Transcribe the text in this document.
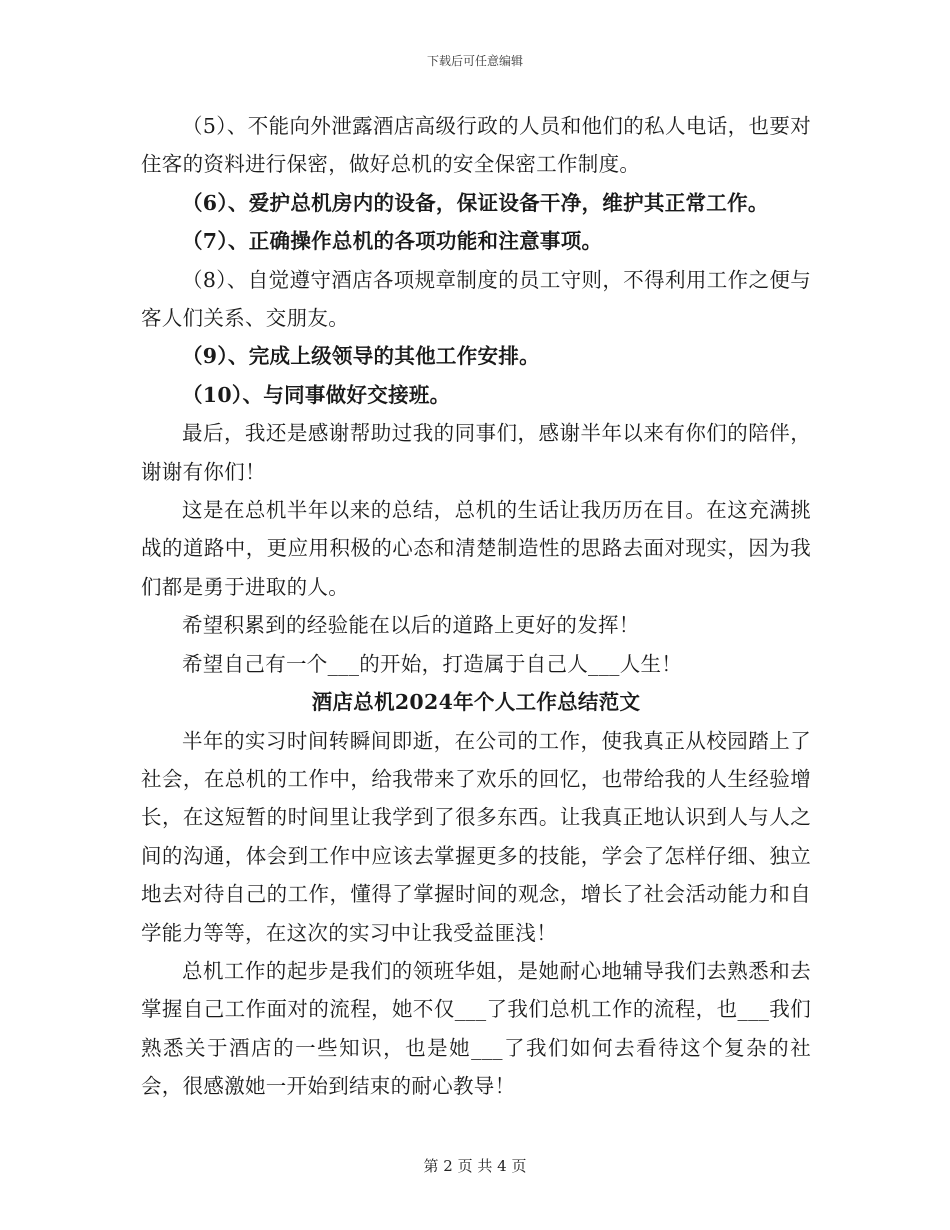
下载后可任意编辑

（5）、不能向外泄露酒店高级行政的人员和他们的私人电话，也要对住客的资料进行保密，做好总机的安全保密工作制度。

（6）、爱护总机房内的设备，保证设备干净，维护其正常工作。

（7）、正确操作总机的各项功能和注意事项。

（8）、自觉遵守酒店各项规章制度的员工守则，不得利用工作之便与客人们关系、交朋友。

（9）、完成上级领导的其他工作安排。

（10）、与同事做好交接班。

最后，我还是感谢帮助过我的同事们，感谢半年以来有你们的陪伴，谢谢有你们！

这是在总机半年以来的总结，总机的生话让我历历在目。在这充满挑战的道路中，更应用积极的心态和清楚制造性的思路去面对现实，因为我们都是勇于进取的人。

希望积累到的经验能在以后的道路上更好的发挥！

希望自己有一个___的开始，打造属于自己人___人生！

酒店总机2024年个人工作总结范文

半年的实习时间转瞬间即逝，在公司的工作，使我真正从校园踏上了社会，在总机的工作中，给我带来了欢乐的回忆，也带给我的人生经验增长，在这短暂的时间里让我学到了很多东西。让我真正地认识到人与人之间的沟通，体会到工作中应该去掌握更多的技能，学会了怎样仔细、独立地去对待自己的工作，懂得了掌握时间的观念，增长了社会活动能力和自学能力等等，在这次的实习中让我受益匪浅！

总机工作的起步是我们的领班华姐，是她耐心地辅导我们去熟悉和去掌握自己工作面对的流程，她不仅___了我们总机工作的流程，也___我们熟悉关于酒店的一些知识，也是她___了我们如何去看待这个复杂的社会，很感激她一开始到结束的耐心教导！

第 2 页 共 4 页
